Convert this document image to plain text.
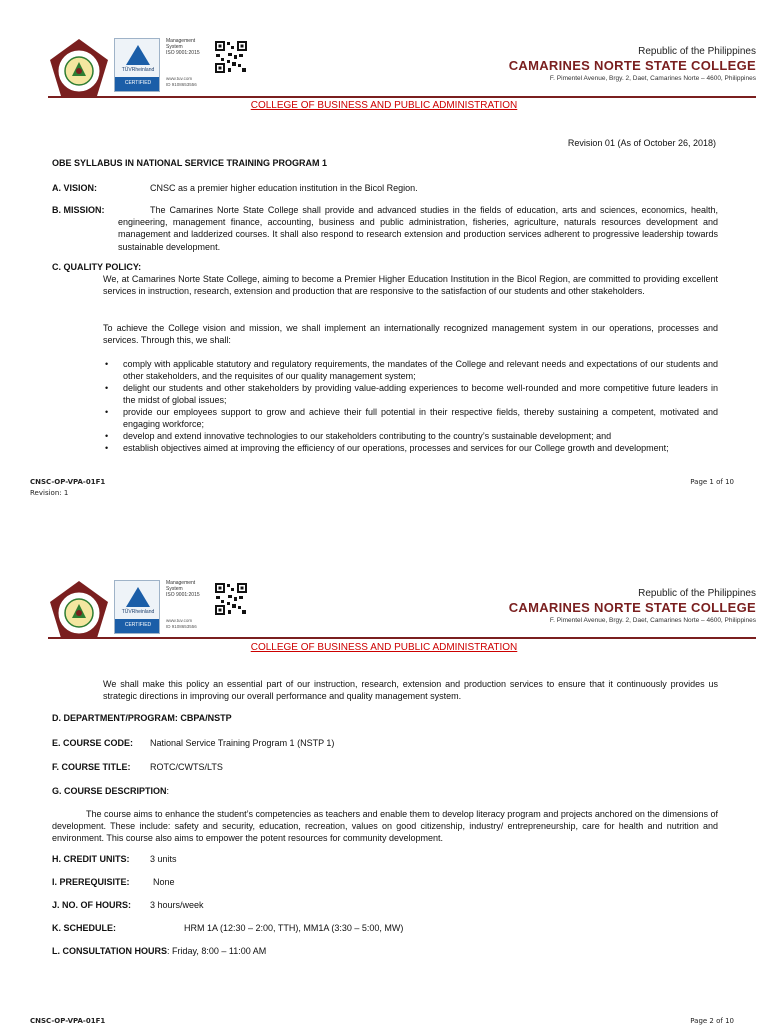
TÜVRheinland
CERTIFIED
Management
System
ISO 9001:2015
www.tuv.com
ID 9108653556
Republic of the Philippines
CAMARINES NORTE STATE COLLEGE
F. Pimentel Avenue, Brgy. 2, Daet, Camarines Norte – 4600, Philippines
COLLEGE OF BUSINESS AND PUBLIC ADMINISTRATION
Revision 01 (As of October 26, 2018)
OBE SYLLABUS IN NATIONAL SERVICE TRAINING PROGRAM 1
A. VISION:	CNSC as a premier higher education institution in the Bicol Region.
B. MISSION:	The Camarines Norte State College shall provide and advanced studies in the fields of education, arts and sciences, economics, health, engineering, management finance, accounting, business and public administration, fisheries, agriculture, naturals resources development and management and ladderized courses. It shall also respond to research extension and production services adherent to progressive leadership towards sustainable development.
C. QUALITY POLICY:
We, at Camarines Norte State College, aiming to become a Premier Higher Education Institution in the Bicol Region, are committed to providing excellent services in instruction, research, extension and production that are responsive to the satisfaction of our students and other stakeholders.
To achieve the College vision and mission, we shall implement an internationally recognized management system in our operations, processes and services. Through this, we shall:
• comply with applicable statutory and regulatory requirements, the mandates of the College and relevant needs and expectations of our students and other stakeholders, and the requisites of our quality management system;
• delight our students and other stakeholders by providing value-adding experiences to become well-rounded and more competitive future leaders in the midst of global issues;
• provide our employees support to grow and achieve their full potential in their respective fields, thereby sustaining a competent, motivated and engaging workforce;
• develop and extend innovative technologies to our stakeholders contributing to the country’s sustainable development; and
• establish objectives aimed at improving the efficiency of our operations, processes and services for our College growth and development;
CNSC-OP-VPA-01F1
Revision: 1
Page 1 of 10
TÜVRheinland
CERTIFIED
Management
System
ISO 9001:2015
www.tuv.com
ID 9108653556
Republic of the Philippines
CAMARINES NORTE STATE COLLEGE
F. Pimentel Avenue, Brgy. 2, Daet, Camarines Norte – 4600, Philippines
COLLEGE OF BUSINESS AND PUBLIC ADMINISTRATION
We shall make this policy an essential part of our instruction, research, extension and production services to ensure that it continuously provides us strategic directions in improving our overall performance and quality management system.
D. DEPARTMENT/PROGRAM: CBPA/NSTP
E. COURSE CODE: National Service Training Program 1 (NSTP 1)
F. COURSE TITLE: ROTC/CWTS/LTS
G. COURSE DESCRIPTION:
The course aims to enhance the student’s competencies as teachers and enable them to develop literacy program and projects anchored on the dimensions of development. These include: safety and security, education, recreation, values on good citizenship, industry/ entrepreneurship, care for health and nutrition and environment. This course also aims to empower the potent resources for community development.
H. CREDIT UNITS: 3 units
I. PREREQUISITE:	None
J. NO. OF HOURS: 3 hours/week
K. SCHEDULE:	HRM 1A (12:30 – 2:00, TTH), MM1A (3:30 – 5:00, MW)
L. CONSULTATION HOURS: Friday, 8:00 – 11:00 AM
CNSC-OP-VPA-01F1	Page 2 of 10
